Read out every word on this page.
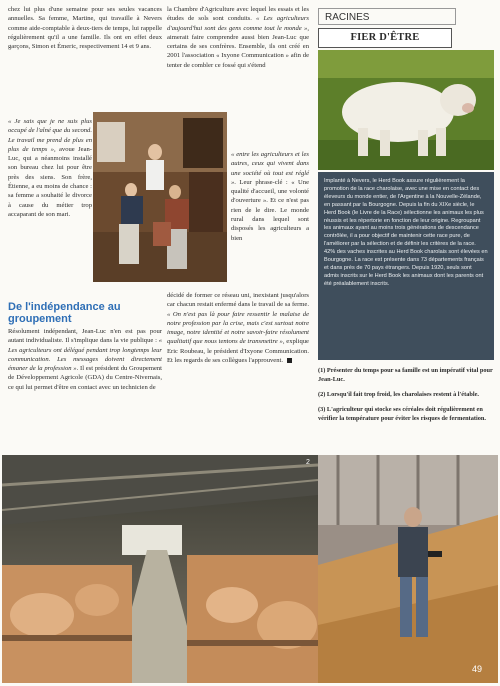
chez lui plus d'une semaine pour ses seules vacances annuelles. Sa femme, Martine, qui travaille à Nevers comme aide-comptable à deux-tiers de temps, lui rappelle régulièrement qu'il a une famille. Ils ont en effet deux garçons, Simon et Émeric, respectivement 14 et 9 ans.

« Je sais que je ne suis plus occupé de l'aîné que du second. Le travail me prend de plus en plus de temps », avoue Jean-Luc, qui a néanmoins installé son bureau chez lui pour être près des siens. Son frère, Étienne, a eu moins de chance : sa femme a souhaité le divorce à cause du métier trop accaparant de son mari.

De l'indépendance au groupement

Résolument indépendant, Jean-Luc n'en est pas pour autant individualiste. Il s'implique dans la vie publique : « Les agriculteurs ont délégué pendant trop longtemps leur communication. Les messages doivent directement émaner de la profession ». Il est président du Groupement de Développement Agricole (GDA) du Centre-Nivernais, ce qui lui permet d'être en contact avec un technicien de

la Chambre d'Agriculture avec lequel les essais et les études de sols sont conduits. « Les agriculteurs d'aujourd'hui sont des gens comme tout le monde », aimerait faire comprendre aussi bien Jean-Luc que certains de ses confrères. Ensemble, ils ont créé en 2001 l'association « Ixyone Communication » afin de tenter de combler ce fossé qui s'étend

« entre les agriculteurs et les autres, ceux qui vivent dans une société où tout est réglé ». Leur phrase-clé : « Une qualité d'accueil, une volonté d'ouverture ». Et ce n'est pas rien de le dire. Le monde rural dans lequel sont disposés les agriculteurs a bien

décidé de former ce réseau uni, inexistant jusqu'alors car chacun restait enfermé dans le travail de sa ferme. « On n'est pas là pour faire ressentir le malaise de notre profession par la crise, mais c'est surtout notre image, notre identité et notre savoir-faire résolument qualitatif que nous tentons de transmettre », explique Eric Roubeau, le président d'Ixyone Communication. Et les regards de ses collègues l'approuvent.

RACINES
FIER D'ÊTRE
Implanté à Nevers, le Herd Book assure régulièrement la promotion de la race charolaise, avec une mise en contact des éleveurs du monde entier, de l'Argentine à la Nouvelle-Zélande, en passant par la Bourgogne. Depuis la fin du XIXe siècle, le Herd Book (le Livre de la Race) sélectionne les animaux les plus réussis et les répertorie en fonction de leur origine. Regroupant les animaux ayant au moins trois générations de descendance contrôlée, il a pour objectif de maintenir cette race pure, de l'améliorer par la sélection et de définir les critères de la race. 42% des vaches inscrites au Herd Book charolais sont élevées en Bourgogne. La race est présente dans 73 départements français et dans près de 70 pays étrangers. Depuis 1920, seuls sont admis inscrits sur le Herd Book les animaux dont les parents ont été préalablement inscrits.

(1) Présenter du temps pour sa famille est un impératif vital pour Jean-Luc.

(2) Lorsqu'il fait trop froid, les charolaises restent à l'étable.

(3) L'agriculteur qui stocke ses céréales doit régulièrement en vérifier la température pour éviter les risques de fermentation.

2
49
